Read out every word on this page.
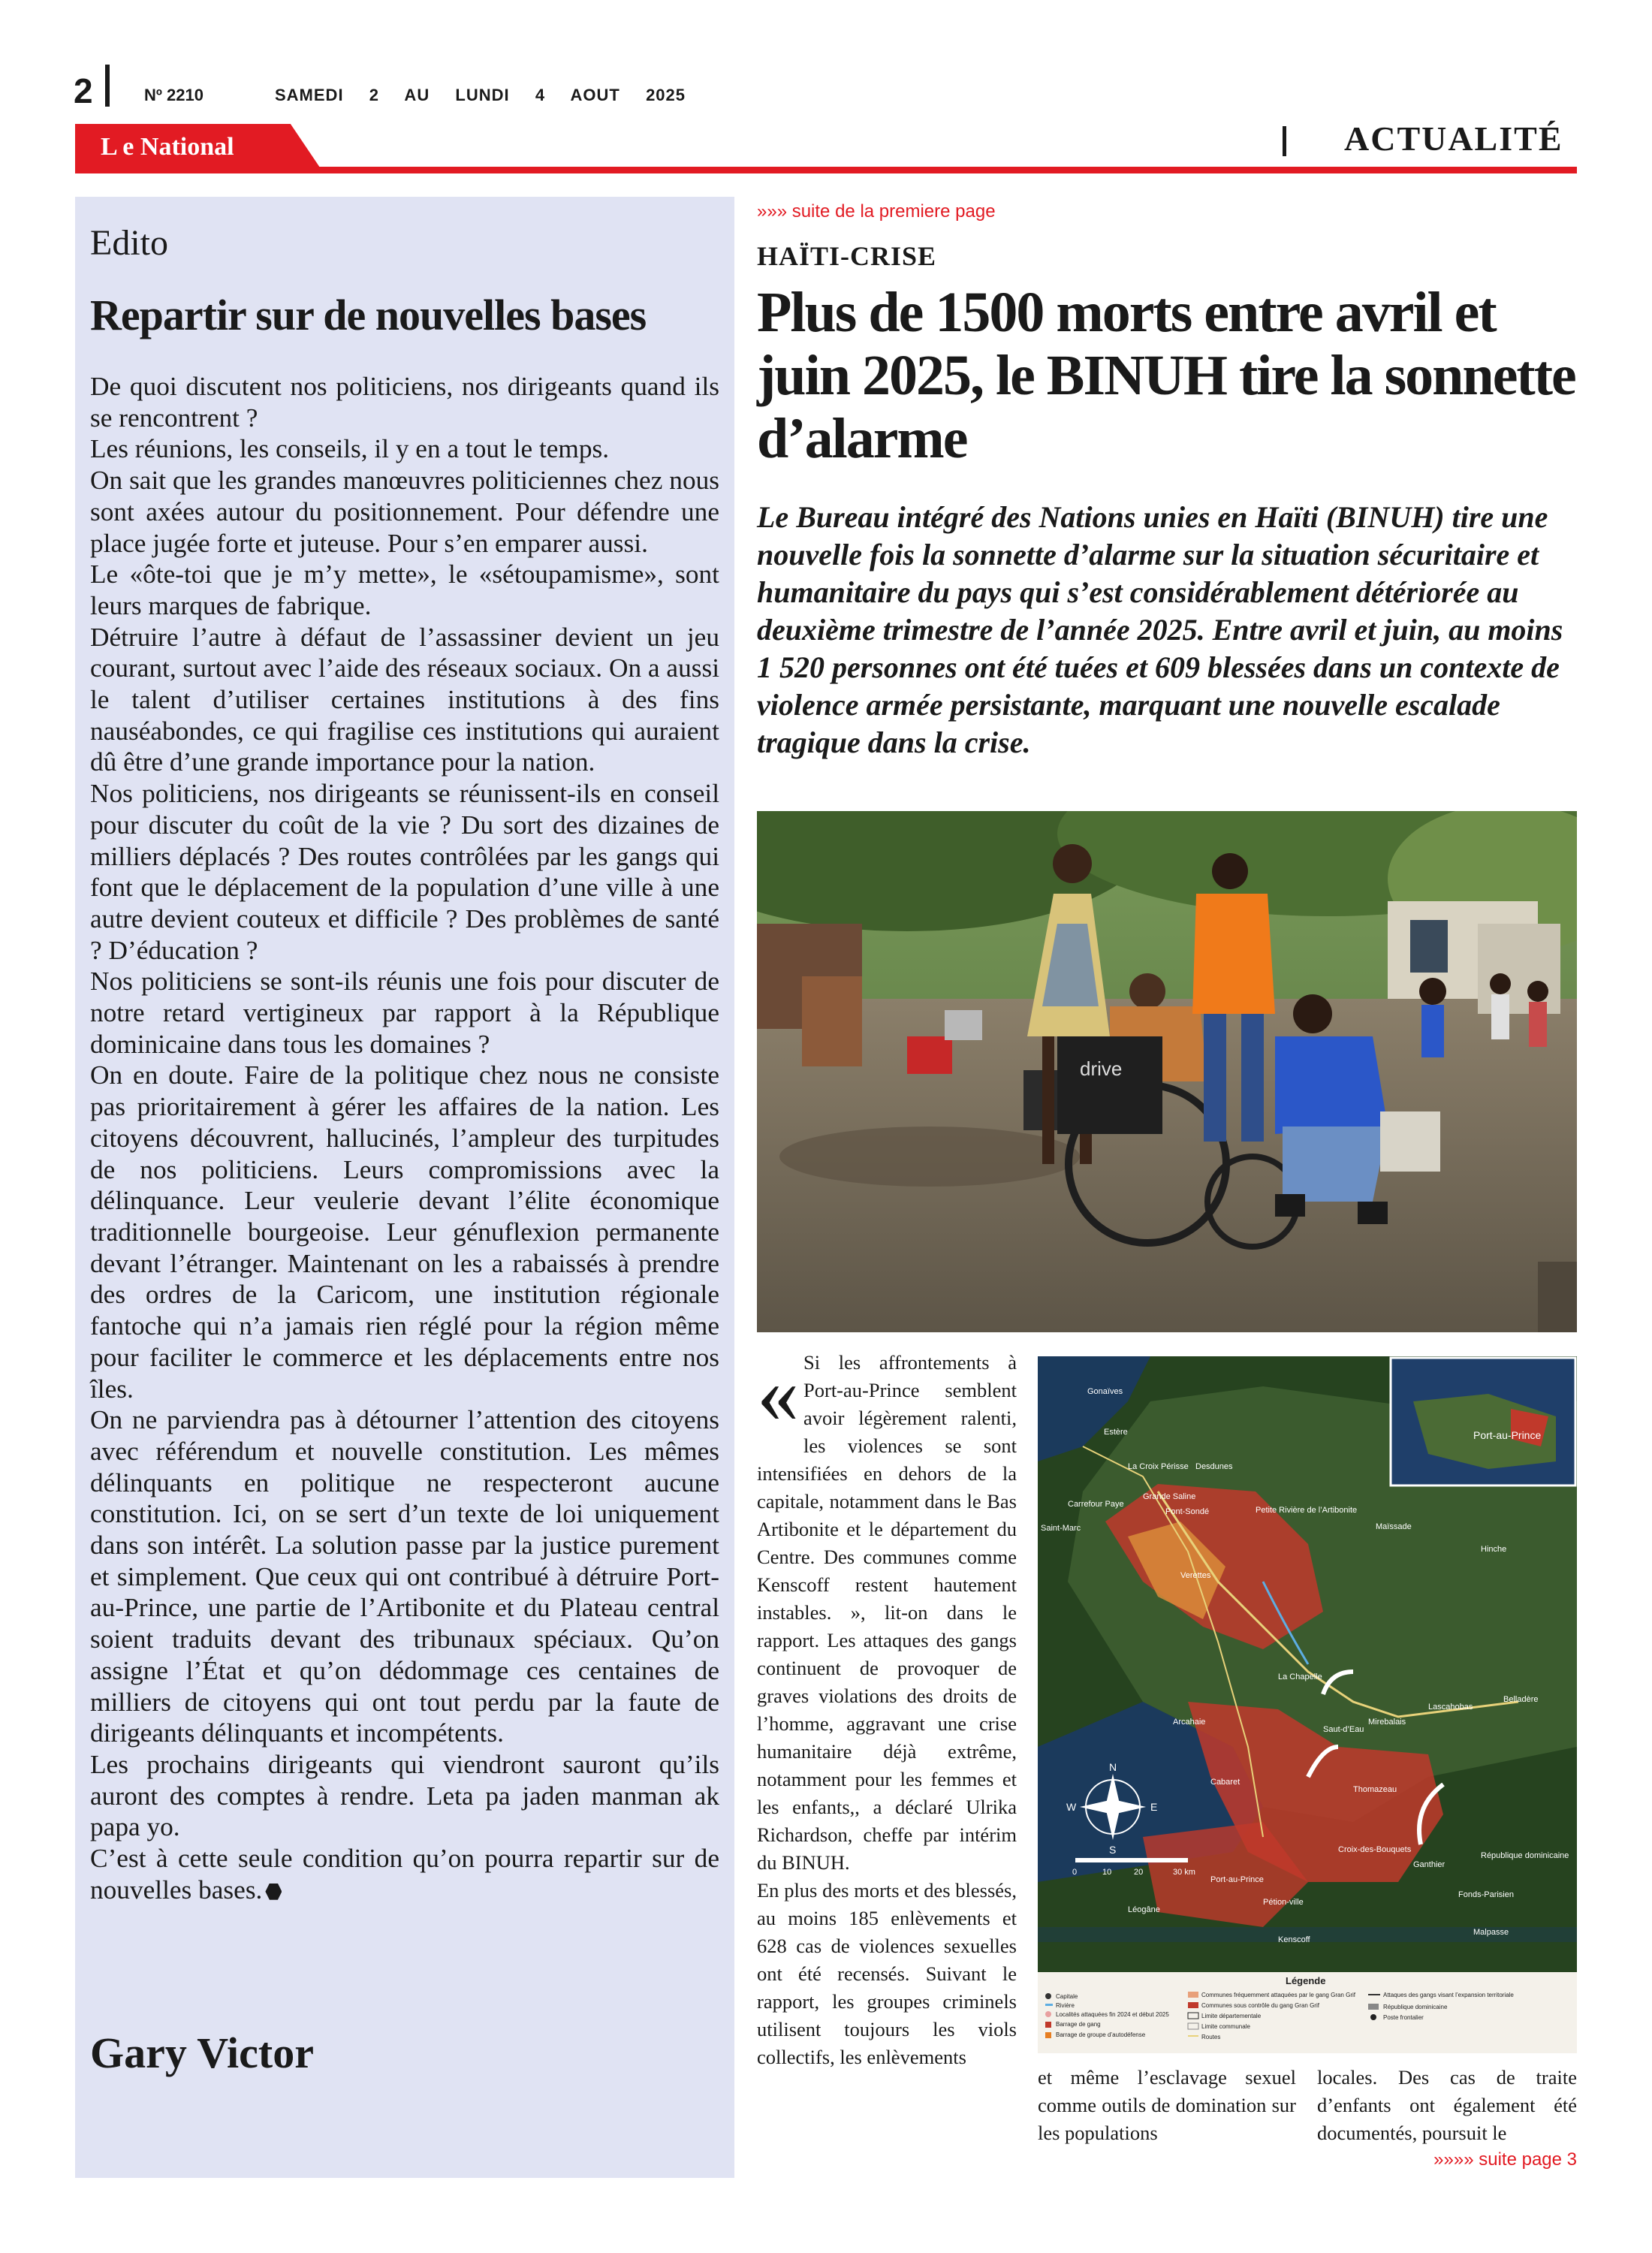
2	Nº 2210	SAMEDI  2  AU  LUNDI  4  AOUT  2025
L e National	ACTUALITÉ
Edito
Repartir sur de nouvelles bases

De quoi discutent nos politiciens, nos dirigeants quand ils se rencontrent ?

Les réunions, les conseils, il y en a tout le temps.

On sait que les grandes manœuvres politiciennes chez nous sont axées autour du positionnement. Pour défendre une place jugée forte et juteuse. Pour s’en emparer aussi.

Le «ôte-toi que je m’y mette», le «sétoupamisme», sont leurs marques de fabrique.

Détruire l’autre à défaut de l’assassiner devient un jeu courant, surtout avec l’aide des réseaux sociaux. On a aussi le talent d’utiliser certaines institutions à des fins nauséabondes, ce qui fragilise ces institutions qui auraient dû être d’une grande importance pour la nation.

Nos politiciens, nos dirigeants se réunissent-ils en conseil pour discuter du coût de la vie ? Du sort des dizaines de milliers déplacés ? Des routes contrôlées par les gangs qui font que le déplacement de la population d’une ville à une autre devient couteux et difficile ? Des problèmes de santé ? D’éducation ?

Nos politiciens se sont-ils réunis une fois pour discuter de notre retard vertigineux par rapport à la République dominicaine dans tous les domaines ?

On en doute. Faire de la politique chez nous ne consiste pas prioritairement à gérer les affaires de la nation. Les citoyens découvrent, hallucinés, l’ampleur des turpitudes de nos politiciens. Leurs compromissions avec la délinquance. Leur veulerie devant l’élite économique traditionnelle bourgeoise. Leur génuflexion permanente devant l’étranger. Maintenant on les a rabaissés à prendre des ordres de la Caricom, une institution régionale fantoche qui n’a jamais rien réglé pour la région même pour faciliter le commerce et les déplacements entre nos îles.

On ne parviendra pas à détourner l’attention des citoyens avec référendum et nouvelle constitution. Les mêmes délinquants en politique ne respecteront aucune constitution. Ici, on se sert d’un texte de loi uniquement dans son intérêt. La solution passe par la justice purement et simplement. Que ceux qui ont contribué à détruire Port-au-Prince, une partie de l’Artibonite et du Plateau central soient traduits devant des tribunaux spéciaux. Qu’on assigne l’État et qu’on dédommage ces centaines de milliers de citoyens qui ont tout perdu par la faute de dirigeants délinquants et incompétents.

Les prochains dirigeants qui viendront sauront qu’ils auront des comptes à rendre. Leta pa jaden manman ak papa yo.

C’est à cette seule condition qu’on pourra repartir sur de nouvelles bases.

Gary Victor
»»» suite de la premiere page
HAÏTI-CRISE
Plus de 1500 morts entre avril et juin 2025, le BINUH tire la sonnette d’alarme
Le Bureau intégré des Nations unies en Haïti (BINUH) tire une nouvelle fois la sonnette d’alarme sur la situation sécuritaire et humanitaire du pays qui s’est considérablement détériorée au deuxième trimestre de l’année 2025. Entre avril et juin, au moins 1 520 personnes ont été tuées et 609 blessées dans un contexte de violence armée persistante, marquant une nouvelle escalade tragique dans la crise.
drive
« Si les affrontements à Port-au-Prince semblent avoir légèrement ralenti, les violences se sont intensifiées en dehors de la capitale, notamment dans le Bas Artibonite et le département du Centre. Des communes comme Kenscoff restent hautement instables. », lit-on dans le rapport. Les attaques des gangs continuent de provoquer de graves violations des droits de l’homme, aggravant une crise humanitaire déjà extrême, notamment pour les femmes et les enfants,, a déclaré Ulrika Richardson, cheffe par intérim du BINUH.

En plus des morts et des blessés, au moins 185 enlèvements et 628 cas de violences sexuelles ont été recensés. Suivant le rapport, les groupes criminels utilisent toujours les viols collectifs, les enlèvements

Port-au-Prince
Gonaïves
Estère
La Croix Périsse Desdunes
Carrefour Paye
Grande Saline
Saint-Marc
Pont-Sondé	Petite Rivière de l’Artibonite
Verettes
Maïssade
Hinche
La Chapelle
Mirebalais
Lascahobas
Belladère
Saut-d’Eau
Arcahaie
Cabaret
Thomazeau
Ganthier
Croix-des-Bouquets
Port-au-Prince
Pétion-ville
Kenscoff
Léogâne
Malpasse
Fonds-Parisien
République dominicaine
N
S
E
W
0	10	20	30 km
Légende
Capitale
Rivière
Localités attaquées fin 2024 et début 2025
Barrage de gang
Barrage de groupe d’autodéfense
Communes fréquemment attaquées par le gang Gran Grif
Communes sous contrôle du gang Gran Grif
Limite départementale
Limite communale
Routes
Attaques des gangs visant l’expansion territoriale
République dominicaine
Poste frontalier
et même l’esclavage sexuel comme outils de domination sur les populations
locales. Des cas de traite d’enfants ont également été documentés, poursuit le
»»»» suite page 3
